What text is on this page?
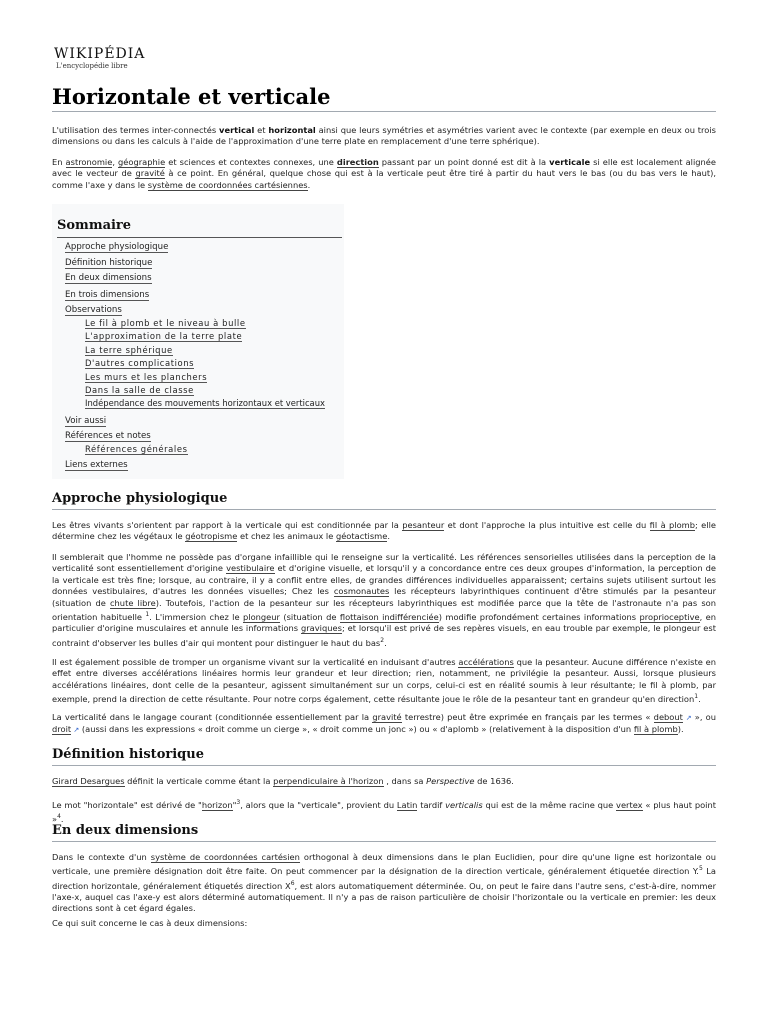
WIKIPÉDIA
L'encyclopédie libre
Horizontale et verticale

L'utilisation des termes inter-connectés vertical et horizontal ainsi que leurs symétries et asymétries varient avec le contexte (par exemple en deux ou trois dimensions ou dans les calculs à l'aide de l'approximation d'une terre plate en remplacement d'une terre sphérique).

En astronomie, géographie et sciences et contextes connexes, une direction passant par un point donné est dit à la verticale si elle est localement alignée avec le vecteur de gravité à ce point. En général, quelque chose qui est à la verticale peut être tiré à partir du haut vers le bas (ou du bas vers le haut), comme l'axe y dans le système de coordonnées cartésiennes.

Sommaire
Approche physiologique
Définition historique
En deux dimensions
En trois dimensions
Observations
Le fil à plomb et le niveau à bulle
L'approximation de la terre plate
La terre sphérique
D'autres complications
Les murs et les planchers
Dans la salle de classe
Indépendance des mouvements horizontaux et verticaux
Voir aussi
Références et notes
Références générales
Liens externes
Approche physiologique

Les êtres vivants s'orientent par rapport à la verticale qui est conditionnée par la pesanteur et dont l'approche la plus intuitive est celle du fil à plomb; elle détermine chez les végétaux le géotropisme et chez les animaux le géotactisme.

Il semblerait que l'homme ne possède pas d'organe infaillible qui le renseigne sur la verticalité. Les références sensorielles utilisées dans la perception de la verticalité sont essentiellement d'origine vestibulaire et d'origine visuelle, et lorsqu'il y a concordance entre ces deux groupes d'information, la perception de la verticale est très fine; lorsque, au contraire, il y a conflit entre elles, de grandes différences individuelles apparaissent; certains sujets utilisent surtout les données vestibulaires, d'autres les données visuelles; Chez les cosmonautes les récepteurs labyrinthiques continuent d'être stimulés par la pesanteur (situation de chute libre). Toutefois, l'action de la pesanteur sur les récepteurs labyrinthiques est modifiée parce que la tête de l'astronaute n'a pas son orientation habituelle $^1$. L'immersion chez le plongeur (situation de flottaison indifférenciée) modifie profondément certaines informations proprioceptive, en particulier d'origine musculaires et annule les informations graviques; et lorsqu'il est privé de ses repères visuels, en eau trouble par exemple, le plongeur est contraint d'observer les bulles d'air qui montent pour distinguer le haut du bas$^2$.

Il est également possible de tromper un organisme vivant sur la verticalité en induisant d'autres accélérations que la pesanteur. Aucune différence n'existe en effet entre diverses accélérations linéaires hormis leur grandeur et leur direction; rien, notamment, ne privilégie la pesanteur. Aussi, lorsque plusieurs accélérations linéaires, dont celle de la pesanteur, agissent simultanément sur un corps, celui-ci est en réalité soumis à leur résultante; le fil à plomb, par exemple, prend la direction de cette résultante. Pour notre corps également, cette résultante joue le rôle de la pesanteur tant en grandeur qu'en direction$^1$.

La verticalité dans le langage courant (conditionnée essentiellement par la gravité terrestre) peut être exprimée en français par les termes « debout ↗ », ou droit ↗ (aussi dans les expressions « droit comme un cierge », « droit comme un jonc ») ou « d'aplomb » (relativement à la disposition d'un fil à plomb).

Définition historique

Girard Desargues définit la verticale comme étant la perpendiculaire à l'horizon , dans sa Perspective de 1636.

Le mot "horizontale" est dérivé de "horizon"$^3$, alors que la "verticale", provient du Latin tardif verticalis qui est de la même racine que vertex « plus haut point »$^4$.

En deux dimensions

Dans le contexte d'un système de coordonnées cartésien orthogonal à deux dimensions dans le plan Euclidien, pour dire qu'une ligne est horizontale ou verticale, une première désignation doit être faite. On peut commencer par la désignation de la direction verticale, généralement étiquetée direction Y.$^5$ La direction horizontale, généralement étiquetés direction $X^6$, est alors automatiquement déterminée. Ou, on peut le faire dans l'autre sens, c'est-à-dire, nommer l'axe-x, auquel cas l'axe-y est alors déterminé automatiquement. Il n'y a pas de raison particulière de choisir l'horizontale ou la verticale en premier: les deux directions sont à cet égard égales.

Ce qui suit concerne le cas à deux dimensions:
